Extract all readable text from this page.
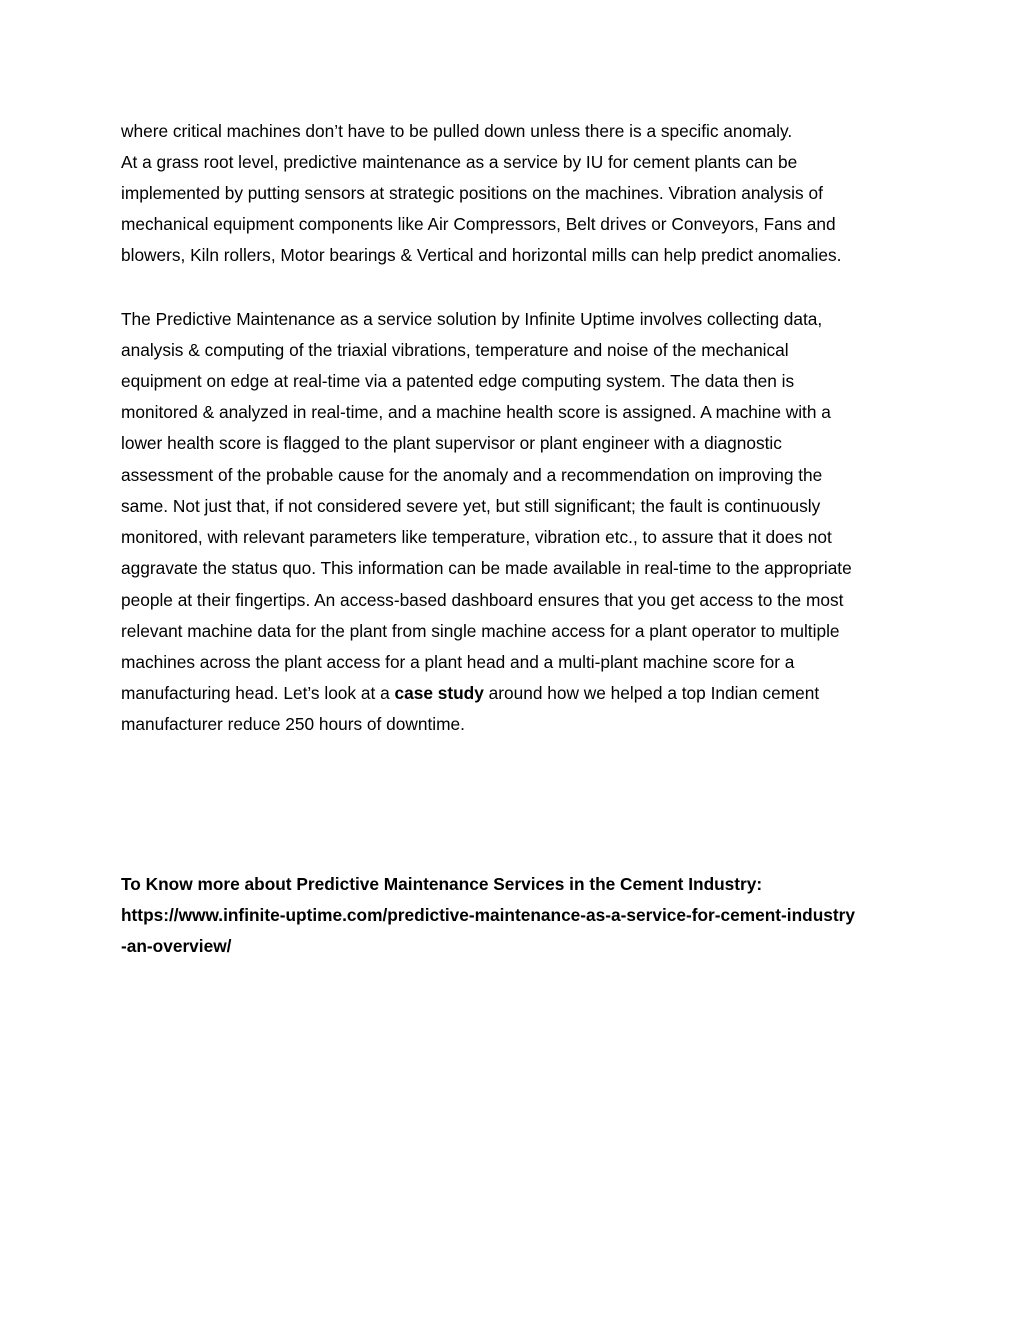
where critical machines don’t have to be pulled down unless there is a specific anomaly.
At a grass root level, predictive maintenance as a service by IU for cement plants can be
implemented by putting sensors at strategic positions on the machines. Vibration analysis of
mechanical equipment components like Air Compressors, Belt drives or Conveyors, Fans and
blowers, Kiln rollers, Motor bearings & Vertical and horizontal mills can help predict anomalies.
The Predictive Maintenance as a service solution by Infinite Uptime involves collecting data,
analysis & computing of the triaxial vibrations, temperature and noise of the mechanical
equipment on edge at real-time via a patented edge computing system. The data then is
monitored & analyzed in real-time, and a machine health score is assigned. A machine with a
lower health score is flagged to the plant supervisor or plant engineer with a diagnostic
assessment of the probable cause for the anomaly and a recommendation on improving the
same. Not just that, if not considered severe yet, but still significant; the fault is continuously
monitored, with relevant parameters like temperature, vibration etc., to assure that it does not
aggravate the status quo. This information can be made available in real-time to the appropriate
people at their fingertips. An access-based dashboard ensures that you get access to the most
relevant machine data for the plant from single machine access for a plant operator to multiple
machines across the plant access for a plant head and a multi-plant machine score for a
manufacturing head. Let’s look at a case study around how we helped a top Indian cement
manufacturer reduce 250 hours of downtime.
To Know more about Predictive Maintenance Services in the Cement Industry:
https://www.infinite-uptime.com/predictive-maintenance-as-a-service-for-cement-industry
-an-overview/
